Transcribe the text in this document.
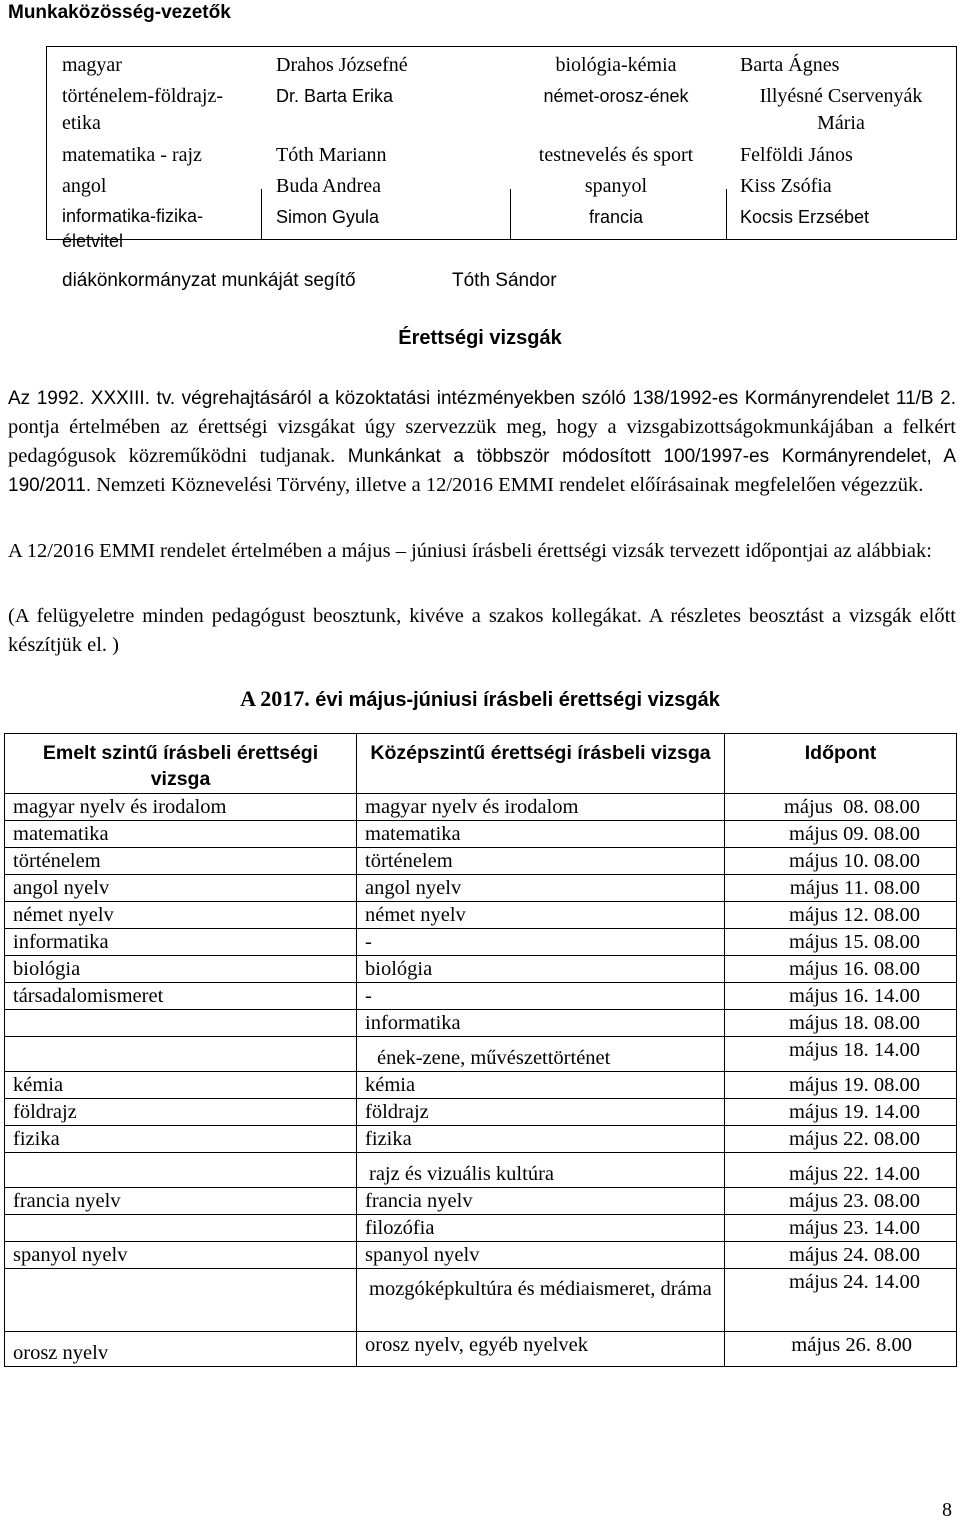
Munkaközösség-vezetők
magyar	Drahos Józsefné	biológia-kémia	Barta Ágnes
történelem-földrajz-etika	Dr. Barta Erika	német-orosz-ének	Illyésné Cservenyák Mária
matematika - rajz	Tóth Mariann	testnevelés és sport	Felföldi János
angol	Buda Andrea	spanyol	Kiss Zsófia
informatika-fizika-életvitel	Simon Gyula	francia	Kocsis Erzsébet
diákönkormányzat munkáját segítő	Tóth Sándor
Érettségi vizsgák
Az 1992. XXXIII. tv. végrehajtásáról a közoktatási intézményekben szóló 138/1992-es Kormányrendelet 11/B 2. pontja értelmében az érettségi vizsgákat úgy szervezzük meg, hogy a vizsgabizottságokmunkájában a felkért pedagógusok közreműködni tudjanak. Munkánkat a többször módosított 100/1997-es Kormányrendelet, A 190/2011. Nemzeti Köznevelési Törvény, illetve a 12/2016 EMMI rendelet előírásainak megfelelően végezzük.
A 12/2016 EMMI rendelet értelmében a május – júniusi írásbeli érettségi vizsák tervezett időpontjai az alábbiak:
(A felügyeletre minden pedagógust beosztunk, kivéve a szakos kollegákat. A részletes beosztást a vizsgák előtt készítjük el. )
A 2017. évi május-júniusi írásbeli érettségi vizsgák
Emelt szintű írásbeli érettségi vizsga	Középszintű érettségi írásbeli vizsga	Időpont
magyar nyelv és irodalom	magyar nyelv és irodalom	május  08. 08.00
matematika	matematika	május 09. 08.00
történelem	történelem	május 10. 08.00
angol nyelv	angol nyelv	május 11. 08.00
német nyelv	német nyelv	május 12. 08.00
informatika	-	május 15. 08.00
biológia	biológia	május 16. 08.00
társadalomismeret	-	május 16. 14.00
	informatika	május 18. 08.00
	ének-zene, művészettörténet	május 18. 14.00
kémia	kémia	május 19. 08.00
földrajz	földrajz	május 19. 14.00
fizika	fizika	május 22. 08.00
	rajz és vizuális kultúra	május 22. 14.00
francia nyelv	francia nyelv	május 23. 08.00
	filozófia	május 23. 14.00
spanyol nyelv	spanyol nyelv	május 24. 08.00
	mozgóképkultúra és médiaismeret, dráma	május 24. 14.00
orosz nyelv	orosz nyelv, egyéb nyelvek	május 26. 8.00
8
